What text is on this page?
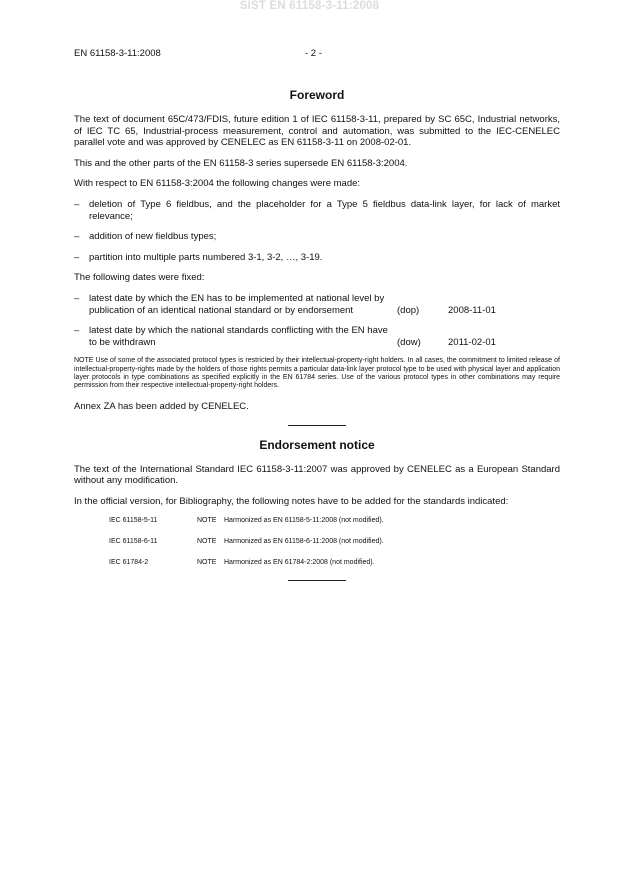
SIST EN 61158-3-11:2008
EN 61158-3-11:2008	- 2 -
Foreword

The text of document 65C/473/FDIS, future edition 1 of IEC 61158-3-11, prepared by SC 65C, Industrial networks, of IEC TC 65, Industrial-process measurement, control and automation, was submitted to the IEC-CENELEC parallel vote and was approved by CENELEC as EN 61158-3-11 on 2008-02-01.

This and the other parts of the EN 61158-3 series supersede EN 61158-3:2004.

With respect to EN 61158-3:2004 the following changes were made:

– deletion of Type 6 fieldbus, and the placeholder for a Type 5 fieldbus data-link layer, for lack of market relevance;
– addition of new fieldbus types;
– partition into multiple parts numbered 3-1, 3-2, …, 3-19.

The following dates were fixed:

– latest date by which the EN has to be implemented at national level by publication of an identical national standard or by endorsement	(dop)	2008-11-01
– latest date by which the national standards conflicting with the EN have to be withdrawn	(dow)	2011-02-01

NOTE Use of some of the associated protocol types is restricted by their intellectual-property-right holders. In all cases, the commitment to limited release of intellectual-property-rights made by the holders of those rights permits a particular data-link layer protocol type to be used with physical layer and application layer protocols in type combinations as specified explicitly in the EN 61784 series. Use of the various protocol types in other combinations may require permission from their respective intellectual-property-right holders.

Annex ZA has been added by CENELEC.

Endorsement notice

The text of the International Standard IEC 61158-3-11:2007 was approved by CENELEC as a European Standard without any modification.

In the official version, for Bibliography, the following notes have to be added for the standards indicated:

IEC 61158-5-11	NOTE	Harmonized as EN 61158-5-11:2008 (not modified).
IEC 61158-6-11	NOTE	Harmonized as EN 61158-6-11:2008 (not modified).
IEC 61784-2	NOTE	Harmonized as EN 61784-2:2008 (not modified).
